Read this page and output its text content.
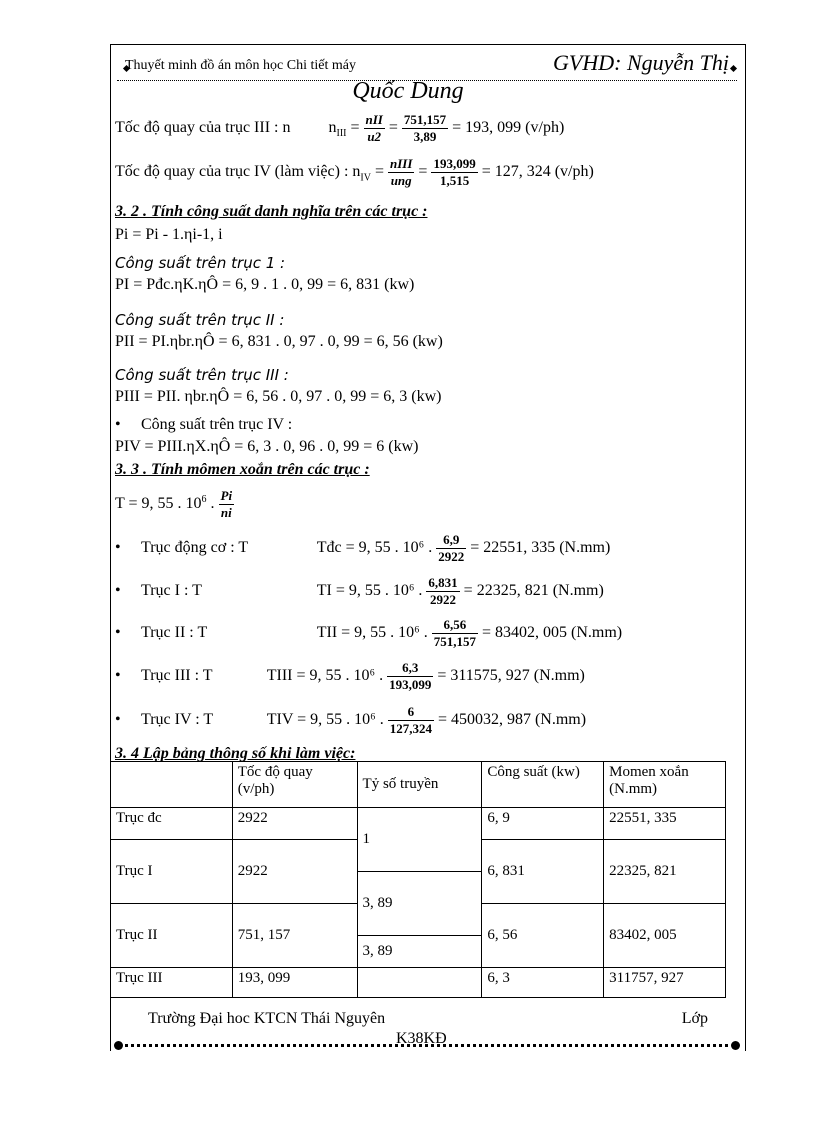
Thuyết minh đồ án môn học Chi tiết máy	GVHD: Nguyễn Thị
Quốc Dung
Tốc độ quay của trục III : n $n_{III} = \frac{\text{nII}}{u2} = \frac{751,157}{3,89} = 193$, 099 (v/ph)
Tốc độ quay của trục IV (làm việc) : $n_{IV} = \frac{\text{nIII}}{\text{ung}} = \frac{193,099}{1,515} = 127$, 324 (v/ph)
3. 2 . Tính công suất danh nghĩa trên các trục :
Pi = Pi - 1.ηi-1, i
Công suất trên trục 1 :
PI = Pđc.ηK.ηÔ = 6, 9 . 1 . 0, 99 = 6, 831 (kw)
Công suất trên trục II :
PII = PI.ηbr.ηÔ = 6, 831 . 0, 97 . 0, 99 = 6, 56 (kw)
Công suất trên trục III :
PIII = PII. ηbr.ηÔ = 6, 56 . 0, 97 . 0, 99 = 6, 3 (kw)
• Công suất trên trục IV :
PIV = PIII.ηX.ηÔ = 6, 3 . 0, 96 . 0, 99 = 6 (kw)
3. 3 . Tính mômen xoắn trên các trục :
T = 9, 55 . $10^6$ . $\frac{Pi}{ni}$
• Trục động cơ : T	Tđc = 9, 55 . 10⁶ . $\frac{6,9}{2922} = 22551$, 335 (N.mm)
• Trục I : T	TI = 9, 55 . 10⁶ . $\frac{6,831}{2922} = 22325$, 821 (N.mm)
• Trục II : T	TII = 9, 55 . 10⁶ . $\frac{6,56}{751,157} = 83402$, 005 (N.mm)
• Trục III : T	TIII = 9, 55 . 10⁶ . $\frac{6,3}{193,099} = 311575$, 927 (N.mm)
• Trục IV : T	TIV = 9, 55 . 10⁶ . $\frac{6}{127,324} = 450032$, 987 (N.mm)
3. 4 Lập bảng thông số khi làm việc:
	Tốc độ quay (v/ph)	Tỷ số truyền	Công suất (kw)	Momen xoắn (N.mm)
Trục đc	2922	1	6, 9	22551, 335
Trục I	2922		6, 831	22325, 821
		3, 89		
Trục II	751, 157		6, 56	83402, 005
		3, 89		
Trục III	193, 099		6, 3	311757, 927
Trường Đại hoc KTCN Thái Nguyên	Lớp
K38KĐ
